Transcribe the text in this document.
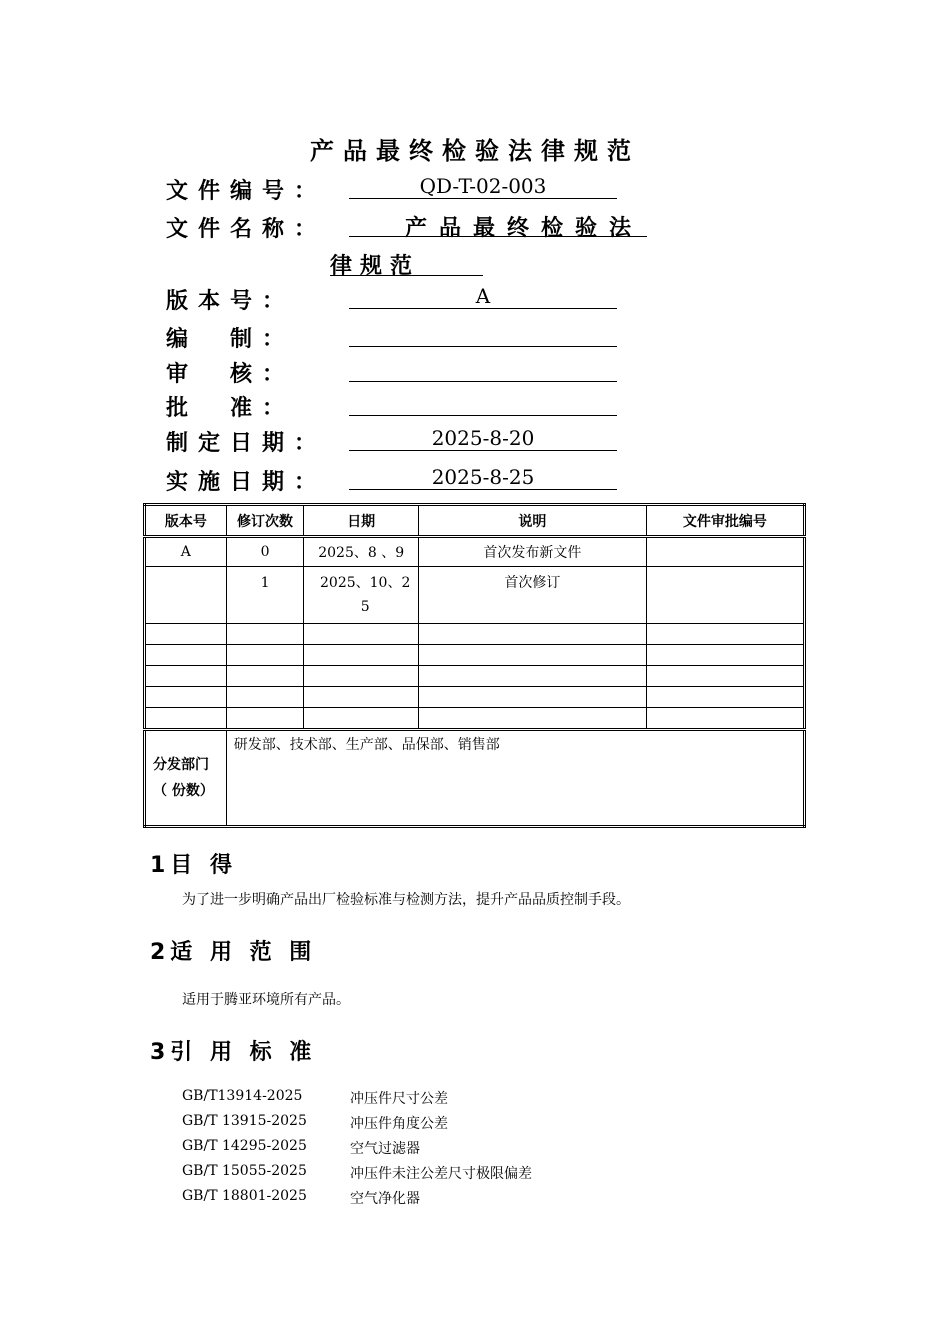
产品最终检验法律规范
文件编号：	QD-T-02-003
文件名称：	产品最终检验法
律规范
版本号：	A
编　制：
审　核：
批　准：
制定日期：	2025-8-20
实施日期：	2025-8-25
版本号	修订次数	日期	说明	文件审批编号
A	0	2025、8 、9	首次发布新文件	
	1	2025、10、25	首次修订	

分发部门
（ 份数）	研发部、技术部、生产部、品保部、销售部			
1目 得
为了进一步明确产品出厂检验标准与检测方法，提升产品品质控制手段。
2适 用 范 围
适用于腾亚环境所有产品。
3引 用 标 准
GB/T13914-2025	冲压件尺寸公差
GB/T 13915-2025	冲压件角度公差
GB/T 14295-2025	空气过滤器
GB/T 15055-2025	冲压件未注公差尺寸极限偏差
GB/T 18801-2025	空气净化器
